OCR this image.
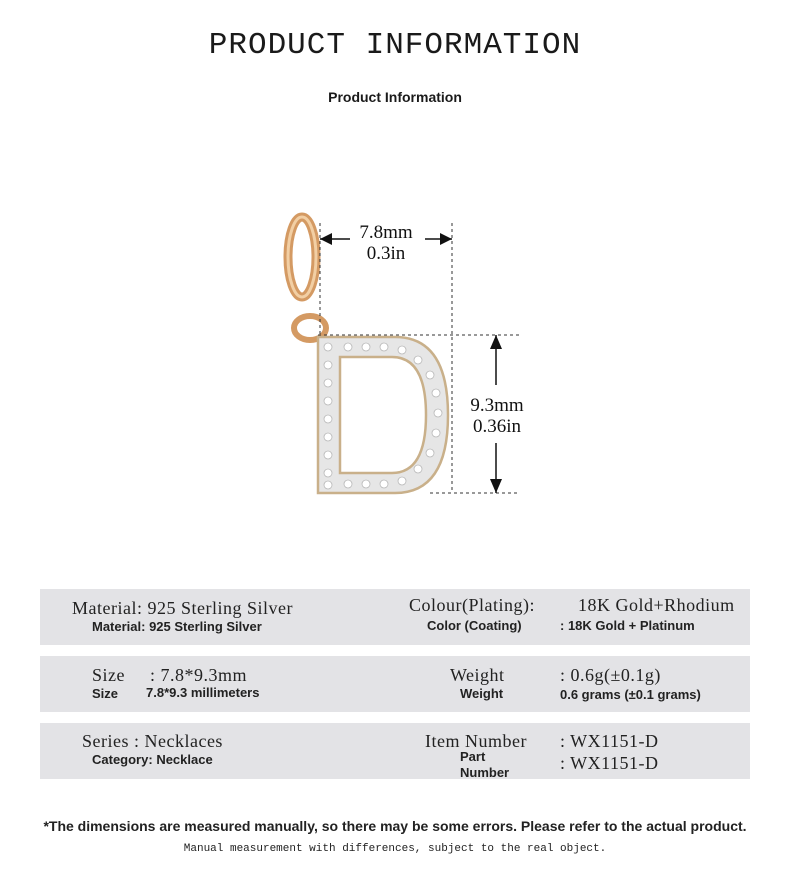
PRODUCT INFORMATION
Product Information
7.8mm
0.3in
9.3mm
0.36in
Material: 925 Sterling Silver
Material: 925 Sterling Silver
Colour(Plating): 18K Gold+Rhodium
Color (Coating)	: 18K Gold + Platinum
Size : 7.8*9.3mm
Size 7.8*9.3 millimeters
Weight	: 0.6g(±0.1g)
Weight	0.6 grams (±0.1 grams)
Series : Necklaces
Category: Necklace
Item Number : WX1151-D
Part
Number	: WX1151-D
*The dimensions are measured manually, so there may be some errors. Please refer to the actual product.
Manual measurement with differences, subject to the real object.
